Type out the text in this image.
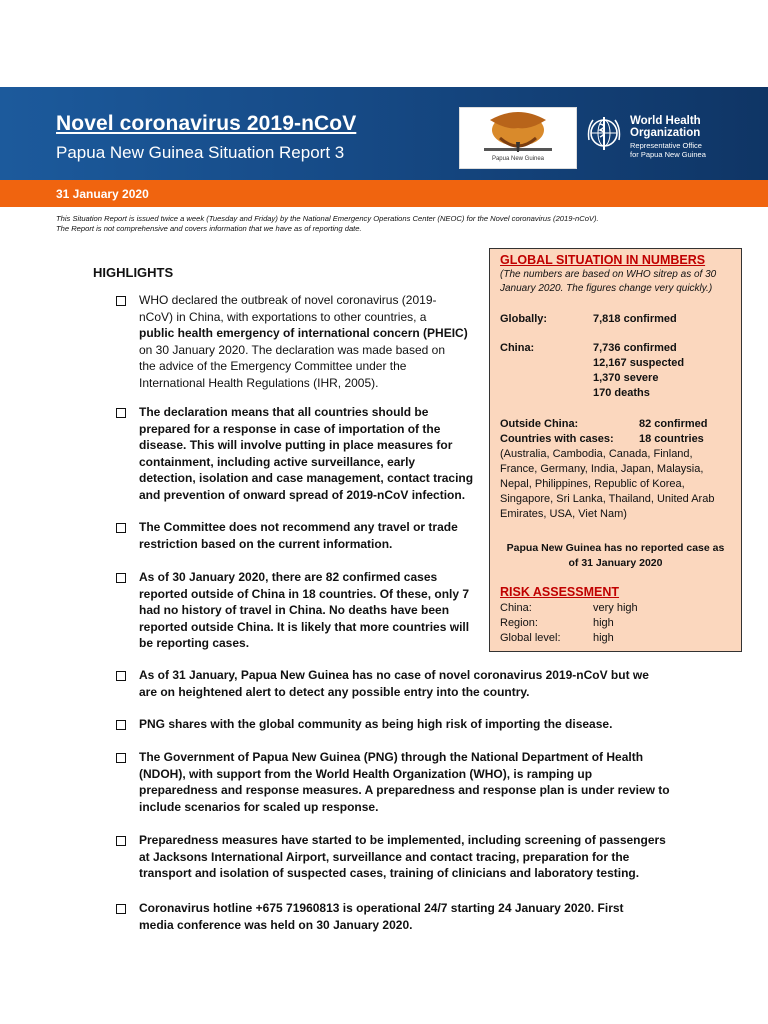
Novel coronavirus 2019-nCoV
Papua New Guinea Situation Report 3	Papua New Guinea
World Health
Organization
Representative Office
for Papua New Guinea
31 January 2020
This Situation Report is issued twice a week (Tuesday and Friday) by the National Emergency Operations Center (NEOC) for the Novel coronavirus (2019-nCoV).
The Report is not comprehensive and covers information that we have as of reporting date.
HIGHLIGHTS
WHO declared the outbreak of novel coronavirus (2019-
nCoV) in China, with exportations to other countries, a
public health emergency of international concern (PHEIC)
on 30 January 2020. The declaration was made based on
the advice of the Emergency Committee under the
International Health Regulations (IHR, 2005).
The declaration means that all countries should be
prepared for a response in case of importation of the
disease. This will involve putting in place measures for
containment, including active surveillance, early
detection, isolation and case management, contact tracing
and prevention of onward spread of 2019-nCoV infection.
The Committee does not recommend any travel or trade
restriction based on the current information.
As of 30 January 2020, there are 82 confirmed cases
reported outside of China in 18 countries. Of these, only 7
had no history of travel in China. No deaths have been
reported outside China. It is likely that more countries will
be reporting cases.
As of 31 January, Papua New Guinea has no case of novel coronavirus 2019-nCoV but we
are on heightened alert to detect any possible entry into the country.
PNG shares with the global community as being high risk of importing the disease.
The Government of Papua New Guinea (PNG) through the National Department of Health
(NDOH), with support from the World Health Organization (WHO), is ramping up
preparedness and response measures. A preparedness and response plan is under review to
include scenarios for scaled up response.
Preparedness measures have started to be implemented, including screening of passengers
at Jacksons International Airport, surveillance and contact tracing, preparation for the
transport and isolation of suspected cases, training of clinicians and laboratory testing.
Coronavirus hotline +675 71960813 is operational 24/7 starting 24 January 2020. First
media conference was held on 30 January 2020.
GLOBAL SITUATION IN NUMBERS
(The numbers are based on WHO sitrep as of 30 January 2020. The figures change very quickly.)
Globally:	7,818 confirmed
China:	7,736 confirmed
12,167 suspected
1,370 severe
170 deaths
Outside China:	82 confirmed
Countries with cases: 18 countries
(Australia, Cambodia, Canada, Finland,
France, Germany, India, Japan, Malaysia,
Nepal, Philippines, Republic of Korea,
Singapore, Sri Lanka, Thailand, United Arab
Emirates, USA, Viet Nam)
Papua New Guinea has no reported case as
of 31 January 2020
RISK ASSESSMENT
China:	very high
Region:	high
Global level:	high
